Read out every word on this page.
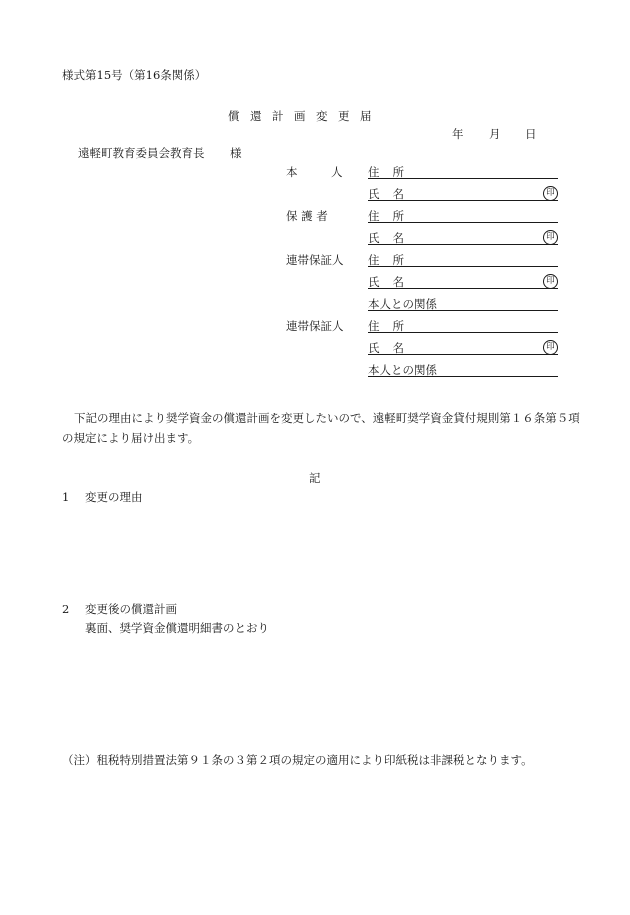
様式第15号（第16条関係）
償還計画変更届
年 月 日
遠軽町教育委員会教育長 様
本	人 住所
氏名	印
保 護 者	住所
氏名	印
連帯保証人 住所
氏名	印
本人との関係
連帯保証人 住所
氏名	印
本人との関係
下記の理由により奨学資金の償還計画を変更したいので、遠軽町奨学資金貸付規則第１６条第５項の規定により届け出ます。
記
1 変更の理由
2 変更後の償還計画
裏面、奨学資金償還明細書のとおり
（注）租税特別措置法第９１条の３第２項の規定の適用により印紙税は非課税となります。
